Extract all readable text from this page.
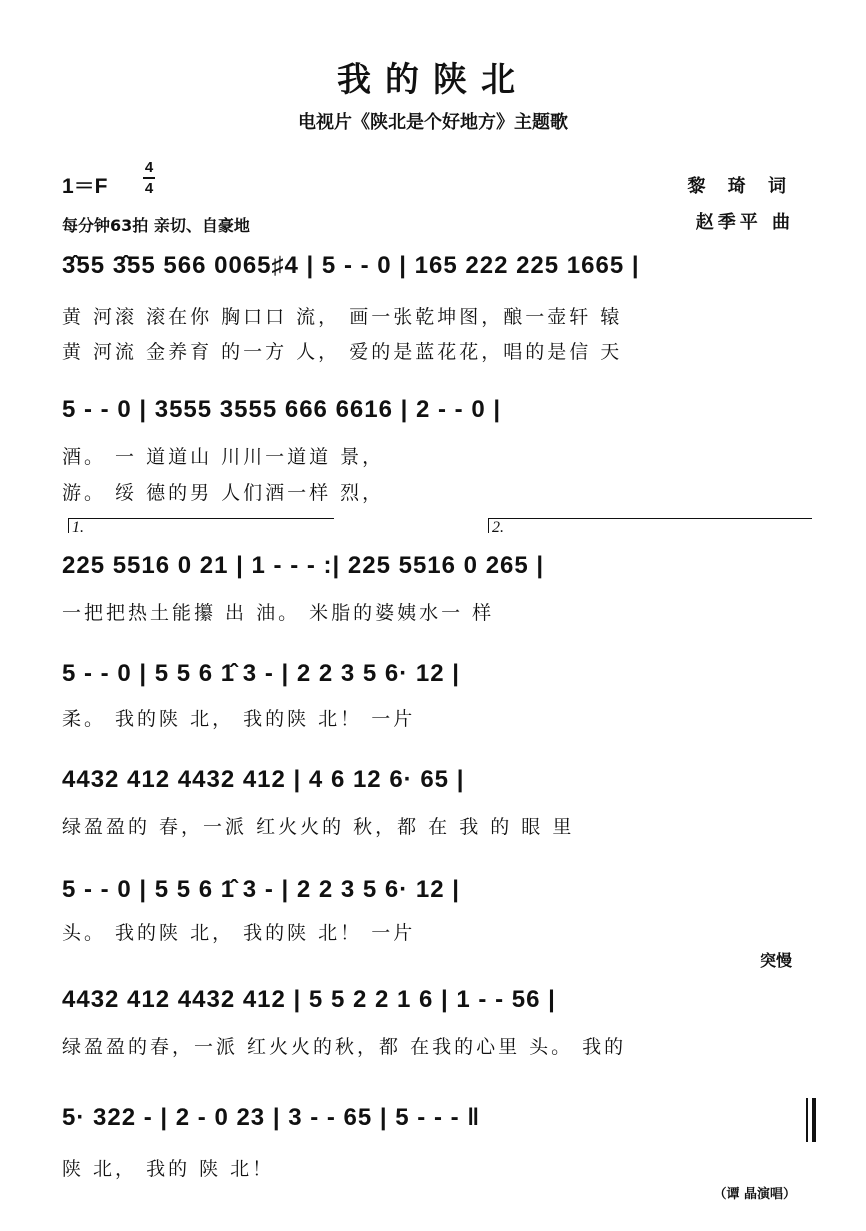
我的陕北
电视片《陕北是个好地方》主题歌
1＝F
4
4
每分钟63拍 亲切、自豪地
黎 琦 词
赵季平 曲
3̂55 3̂55 566 0065♯4 | 5 - - 0 | 165 222 225 1665 |
黄 河滚 滚在你 胸口口 流， 画一张乾坤图，酿一壶轩 辕
黄 河流 金养育 的一方 人， 爱的是蓝花花，唱的是信 天
5 - - 0 | 3555 3555 666 6616 | 2 - - 0 |
酒。 一 道道山 川川一道道 景，
游。 绥 德的男 人们酒一样 烈，
1.	2.
225 5516 0 21 | 1 - - - :| 225 5516 0 265 |
一把把热土能攥 出 油。 米脂的婆姨水一 样
5 - - 0 | 5 5 6 1̂ 3 - | 2 2 3 5 6· 12 |
柔。 我的陕 北， 我的陕 北！ 一片
4432 412 4432 412 | 4 6 12 6· 65 |
绿盈盈的 春，一派 红火火的 秋，都 在 我 的 眼 里
5 - - 0 | 5 5 6 1̂ 3 - | 2 2 3 5 6· 12 |
头。 我的陕 北， 我的陕 北！ 一片
突慢
4432 412 4432 412 | 5 5 2 2 1 6 | 1 - - 56 |
绿盈盈的春，一派 红火火的秋，都 在我的心里 头。 我的
5· 322 - | 2 - 0 23 | 3 - - 65 | 5 - - - ‖
陕 北， 我的 陕 北！
（谭 晶演唱）
